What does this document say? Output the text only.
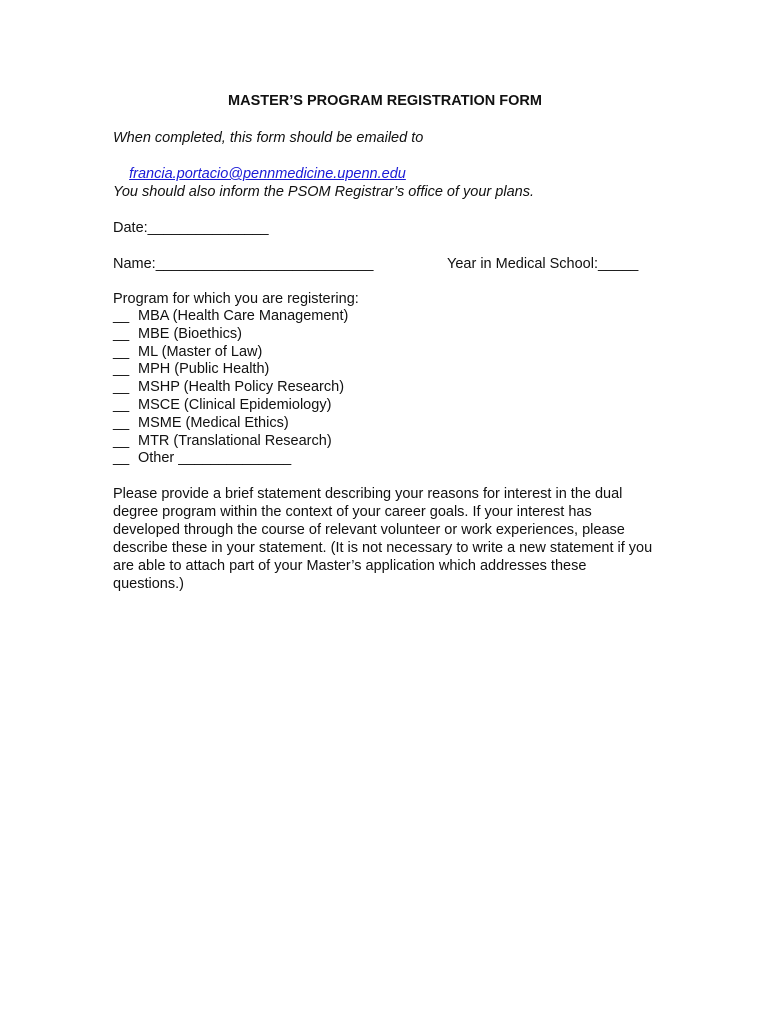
MASTER’S PROGRAM REGISTRATION FORM
When completed, this form should be emailed to

francia.portacio@pennmedicine.upenn.edu

You should also inform the PSOM Registrar’s office of your plans.
Date:_______________
Name:___________________________	Year in Medical School:_____
Program for which you are registering:
__ MBA (Health Care Management)
__ MBE (Bioethics)
__ ML (Master of Law)
__ MPH (Public Health)
__ MSHP (Health Policy Research)
__ MSCE (Clinical Epidemiology)
__ MSME (Medical Ethics)
__ MTR (Translational Research)
__ Other ______________

Please provide a brief statement describing your reasons for interest in the dual degree program within the context of your career goals. If your interest has developed through the course of relevant volunteer or work experiences, please describe these in your statement. (It is not necessary to write a new statement if you are able to attach part of your Master’s application which addresses these questions.)
